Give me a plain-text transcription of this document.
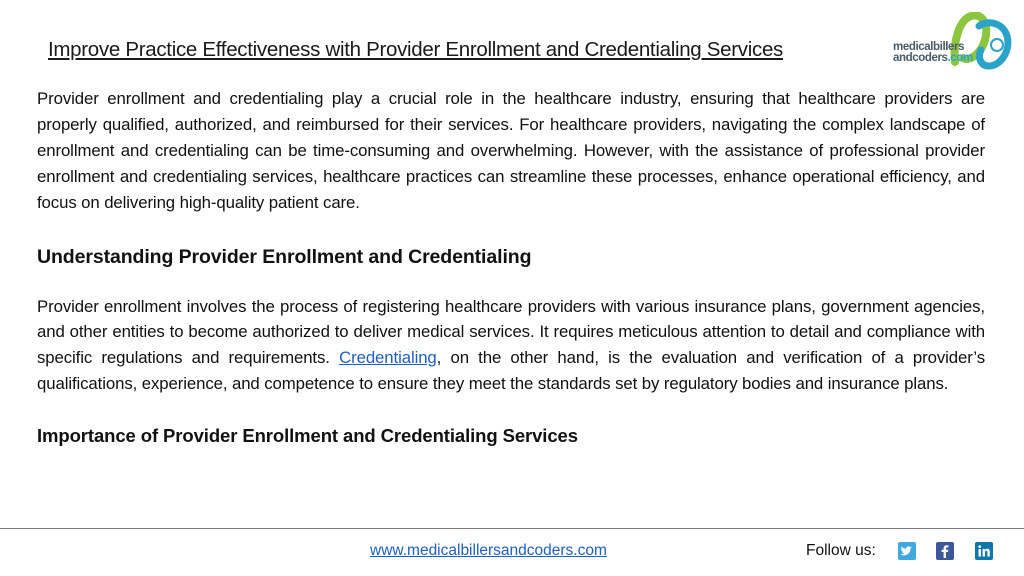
Improve Practice Effectiveness with Provider Enrollment and Credentialing Services	medicalbillers
andcoders.com

Provider enrollment and credentialing play a crucial role in the healthcare industry, ensuring that healthcare providers are properly qualified, authorized, and reimbursed for their services. For healthcare providers, navigating the complex landscape of enrollment and credentialing can be time-consuming and overwhelming. However, with the assistance of professional provider enrollment and credentialing services, healthcare practices can streamline these processes, enhance operational efficiency, and focus on delivering high-quality patient care.

Understanding Provider Enrollment and Credentialing

Provider enrollment involves the process of registering healthcare providers with various insurance plans, government agencies, and other entities to become authorized to deliver medical services. It requires meticulous attention to detail and compliance with specific regulations and requirements. Credentialing, on the other hand, is the evaluation and verification of a provider’s qualifications, experience, and competence to ensure they meet the standards set by regulatory bodies and insurance plans.

Importance of Provider Enrollment and Credentialing Services

www.medicalbillersandcoders.com	Follow us:
